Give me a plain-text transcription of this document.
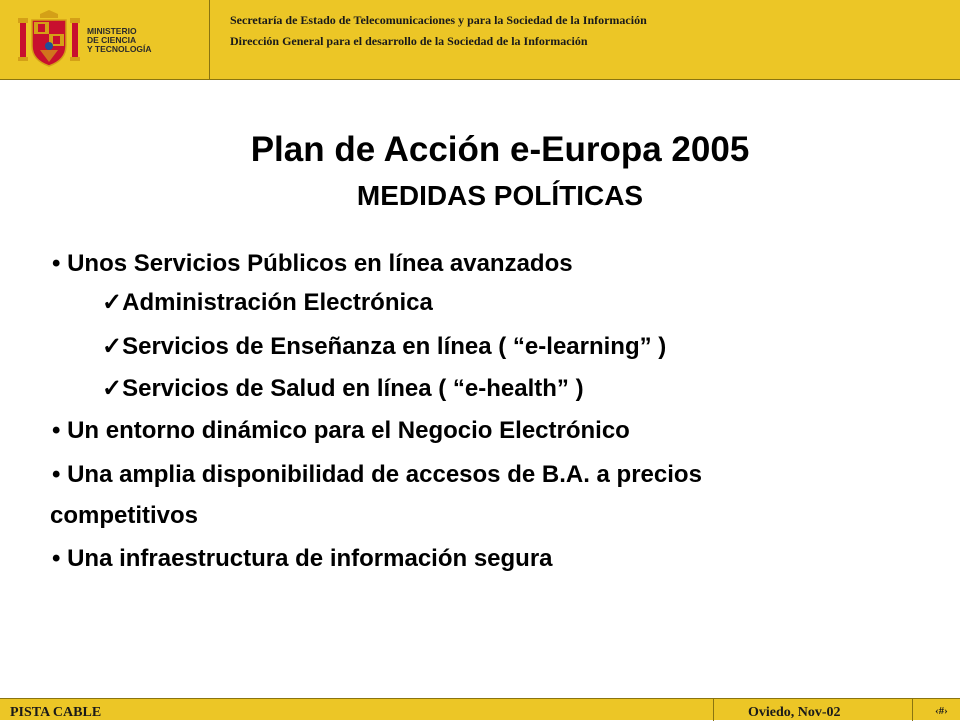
MINISTERIO
DE CIENCIA
Y TECNOLOGÍA
Secretaría de Estado de Telecomunicaciones y para la Sociedad de la Información
Dirección General para el desarrollo de la Sociedad de la Información
Plan de Acción e-Europa 2005
MEDIDAS POLÍTICAS
• Unos Servicios Públicos en línea avanzados
✓Administración Electrónica
✓Servicios de Enseñanza en línea ( “e-learning” )
✓Servicios de Salud en línea ( “e-health” )
• Un entorno dinámico para el Negocio Electrónico
• Una amplia disponibilidad de accesos de B.A. a precios
competitivos
• Una infraestructura de información segura
PISTA CABLE	Oviedo, Nov-02	‹#›
